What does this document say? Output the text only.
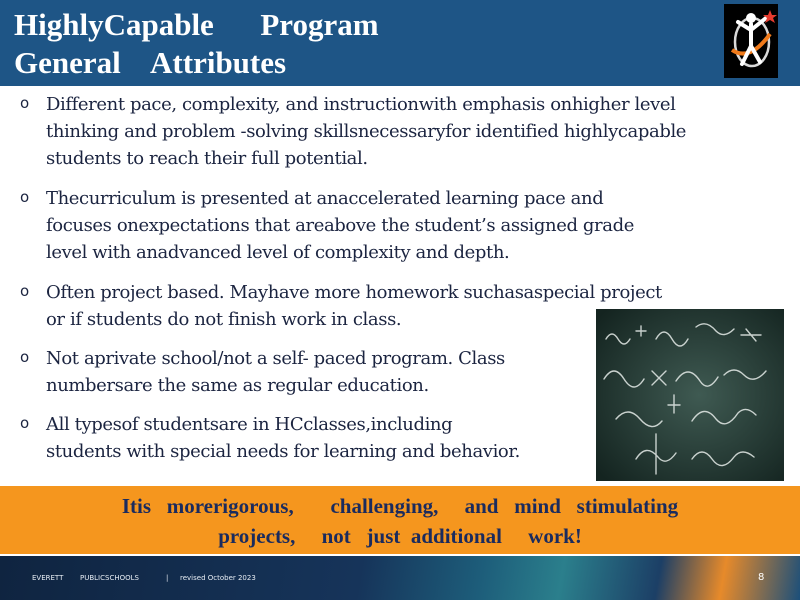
HighlyCapable      Program
General    Attributes
o Different pace, complexity, and instructionwith emphasis onhigher level
thinking and problem -solving skillsnecessaryfor identified highlycapable
students to reach their full potential.
o Thecurriculum is presented at anaccelerated learning pace and
focuses onexpectations that areabove the student’s assigned grade
level with anadvanced level of complexity and depth.
o Often project based. Mayhave more homework suchasaspecial project
or if students do not finish work in class.
o Not aprivate school/not a self- paced program. Class
numbersare the same as regular education.
o All typesof studentsare in HCclasses,including
students with special needs for learning and behavior.
Itis   morerigorous,       challenging,     and   mind   stimulating
projects,     not   just  additional     work!
EVERETT PUBLICSCHOOLS	| revised October 2023	8
